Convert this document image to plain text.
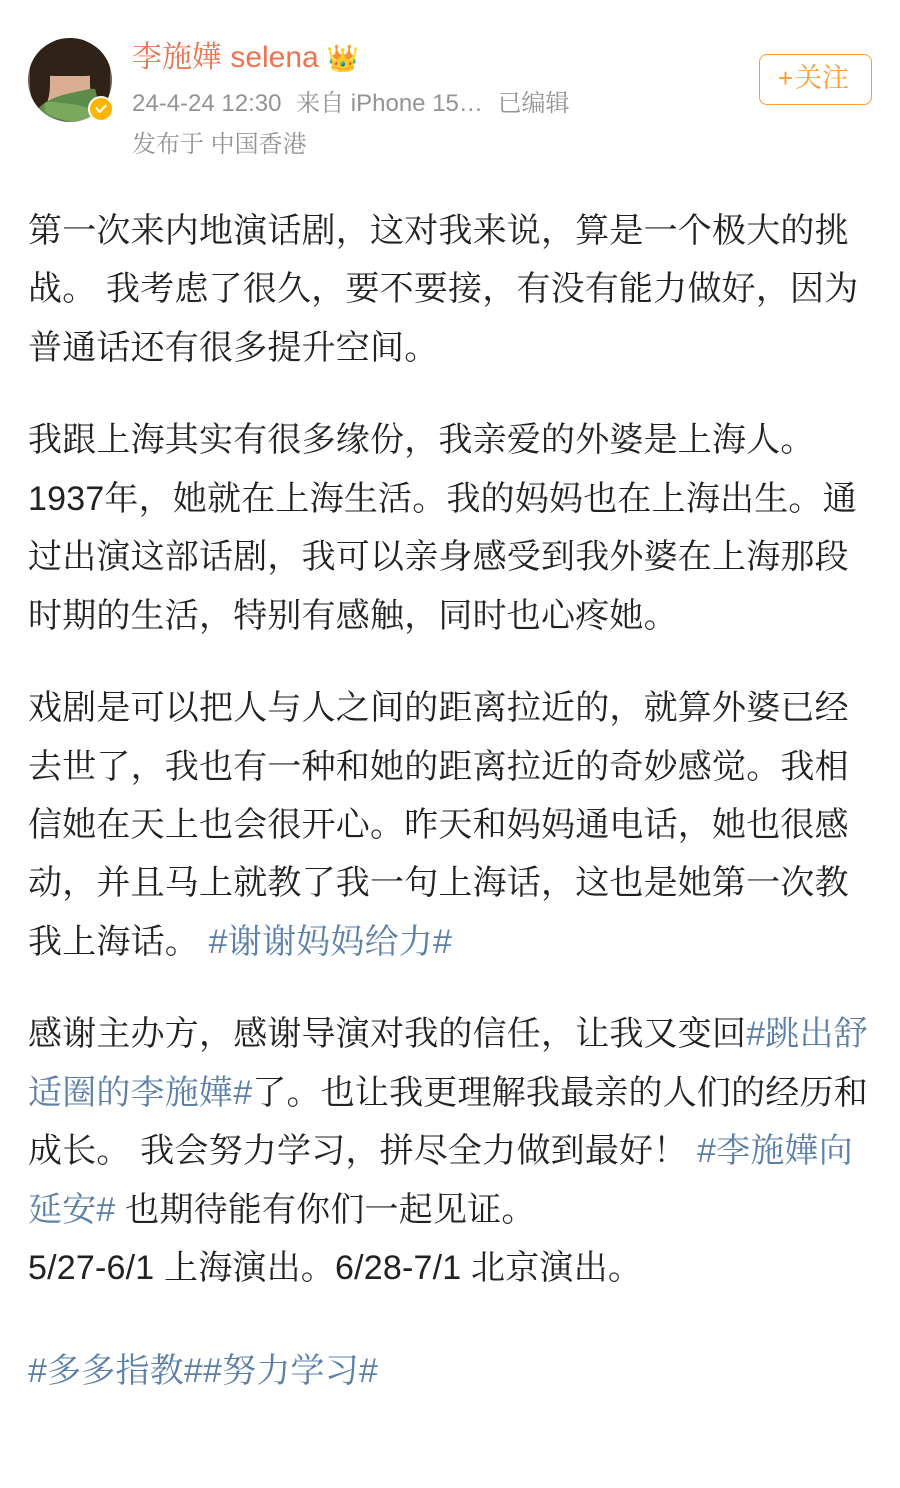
李施嬅 selena 👑
24-4-24 12:30 来自 iPhone 15… 已编辑
发布于 中国香港
+关注
第一次来内地演话剧，这对我来说，算是一个极大的挑战。 我考虑了很久，要不要接，有没有能力做好，因为普通话还有很多提升空间。
我跟上海其实有很多缘份，我亲爱的外婆是上海人。1937年，她就在上海生活。我的妈妈也在上海出生。通过出演这部话剧，我可以亲身感受到我外婆在上海那段时期的生活，特别有感触，同时也心疼她。
戏剧是可以把人与人之间的距离拉近的，就算外婆已经去世了，我也有一种和她的距离拉近的奇妙感觉。我相信她在天上也会很开心。昨天和妈妈通电话，她也很感动，并且马上就教了我一句上海话，这也是她第一次教我上海话。 #谢谢妈妈给力#
感谢主办方，感谢导演对我的信任，让我又变回#跳出舒适圈的李施嬅#了。也让我更理解我最亲的人们的经历和成长。 我会努力学习，拼尽全力做到最好！ #李施嬅向延安# 也期待能有你们一起见证。
5/27-6/1 上海演出。6/28-7/1 北京演出。
#多多指教##努力学习#
